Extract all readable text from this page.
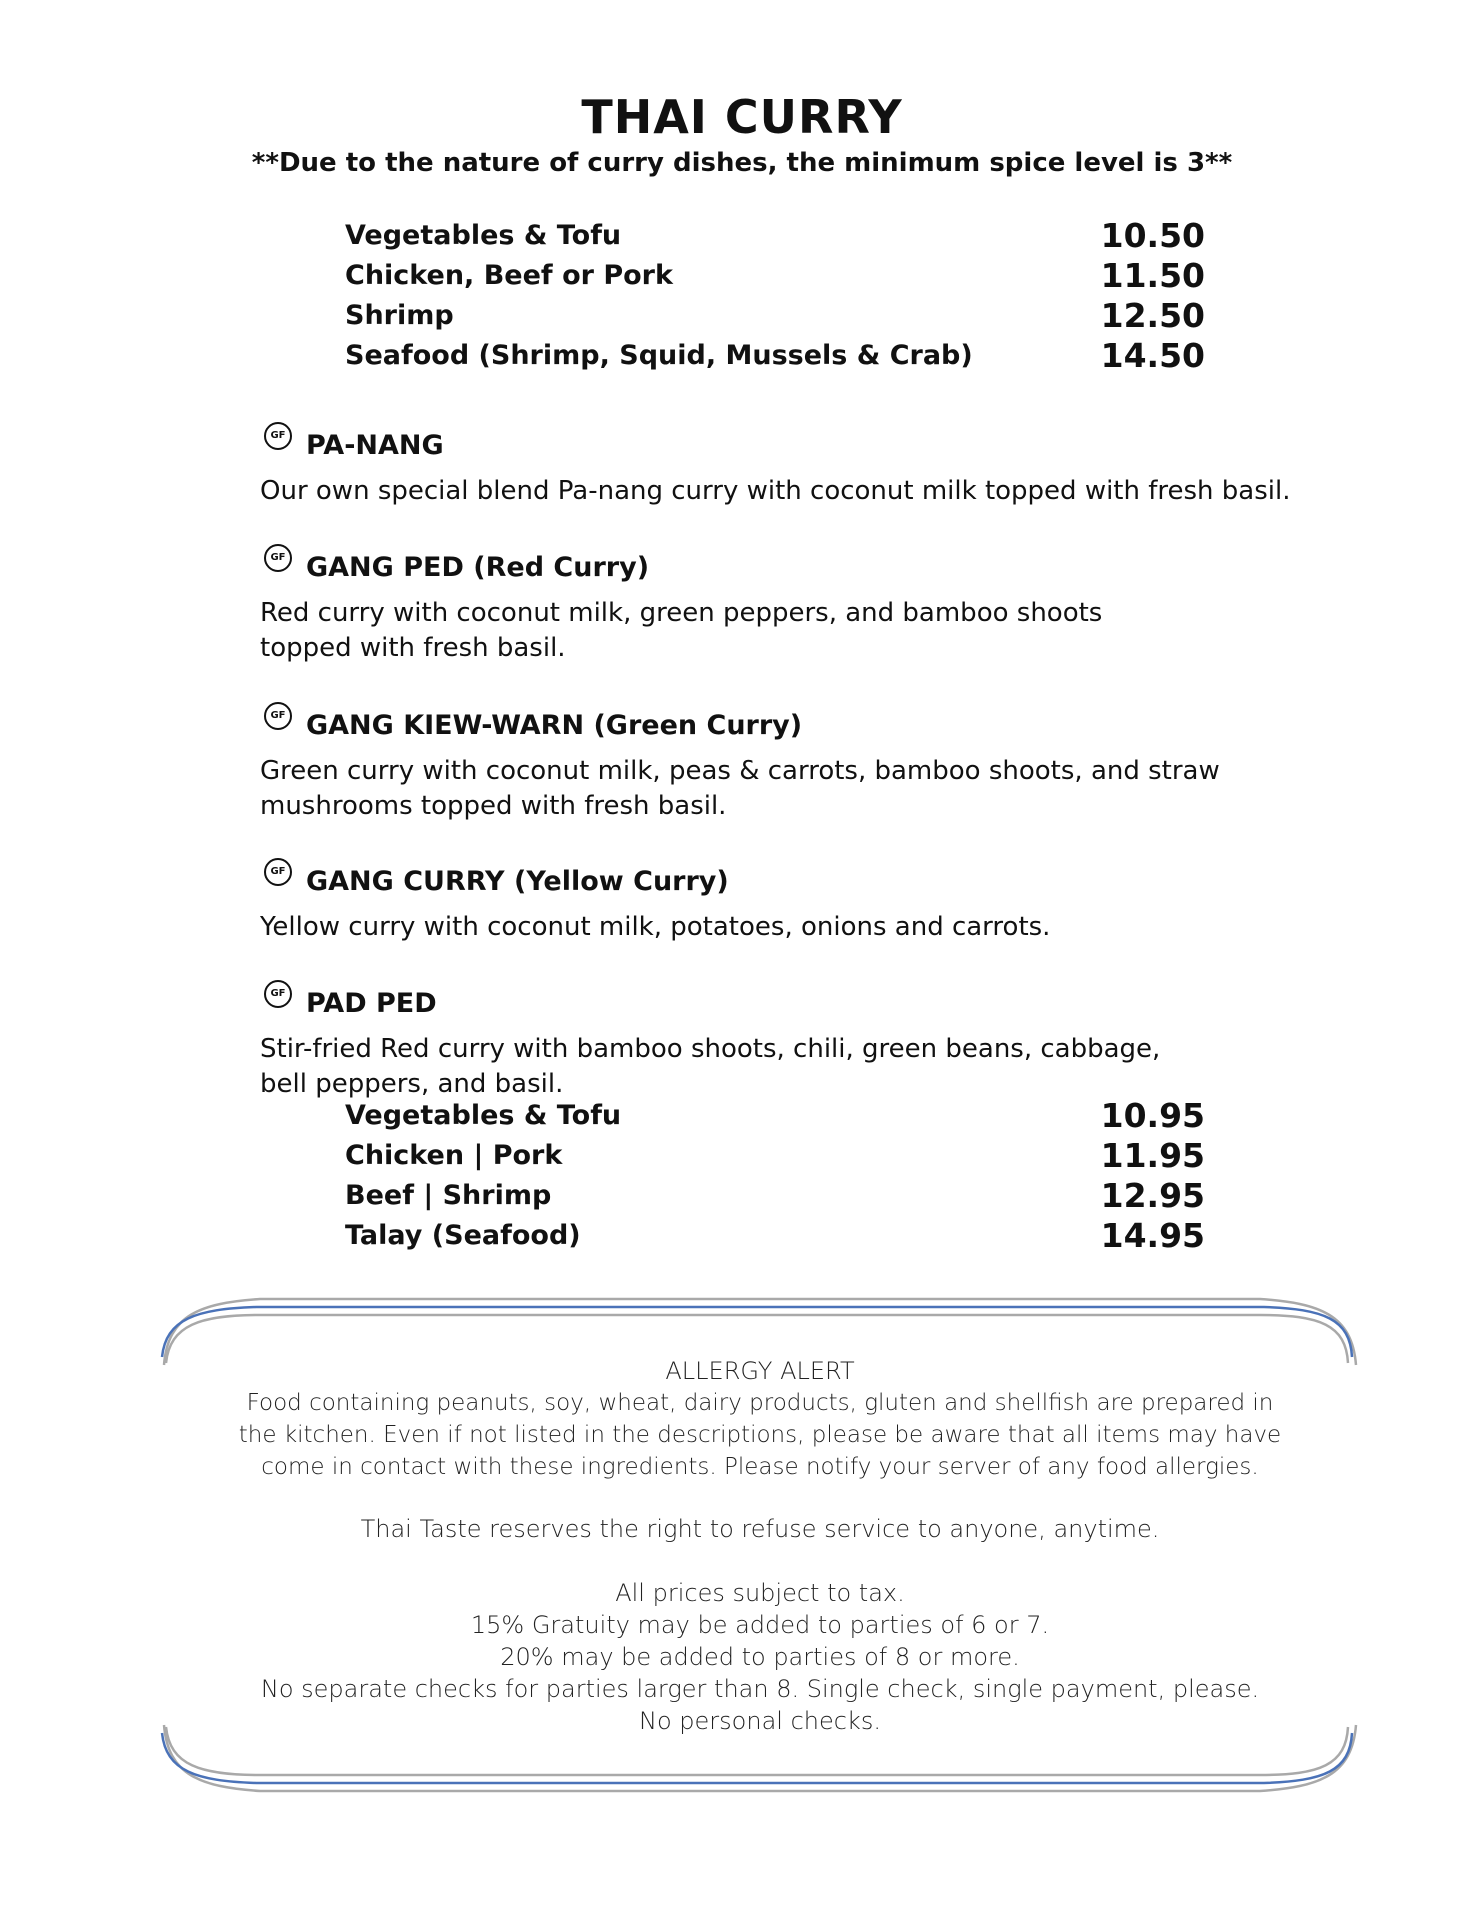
THAI CURRY
**Due to the nature of curry dishes, the minimum spice level is 3**
Vegetables & Tofu	10.50
Chicken, Beef or Pork	11.50
Shrimp	12.50
Seafood (Shrimp, Squid, Mussels & Crab)	14.50
GF PA-NANG

Our own special blend Pa-nang curry with coconut milk topped with fresh basil.

GF GANG PED (Red Curry)

Red curry with coconut milk, green peppers, and bamboo shoots
topped with fresh basil.

GF GANG KIEW-WARN (Green Curry)

Green curry with coconut milk, peas & carrots, bamboo shoots, and straw
mushrooms topped with fresh basil.

GF GANG CURRY (Yellow Curry)

Yellow curry with coconut milk, potatoes, onions and carrots.

GF PAD PED

Stir-fried Red curry with bamboo shoots, chili, green beans, cabbage,
bell peppers, and basil.

Vegetables & Tofu	10.95
Chicken | Pork	11.95
Beef | Shrimp	12.95
Talay (Seafood)	14.95
ALLERGY ALERT
Food containing peanuts, soy, wheat, dairy products, gluten and shellfish are prepared in
the kitchen. Even if not listed in the descriptions, please be aware that all items may have
come in contact with these ingredients. Please notify your server of any food allergies.
Thai Taste reserves the right to refuse service to anyone, anytime.
All prices subject to tax.
15% Gratuity may be added to parties of 6 or 7.
20% may be added to parties of 8 or more.
No separate checks for parties larger than 8. Single check, single payment, please.
No personal checks.
